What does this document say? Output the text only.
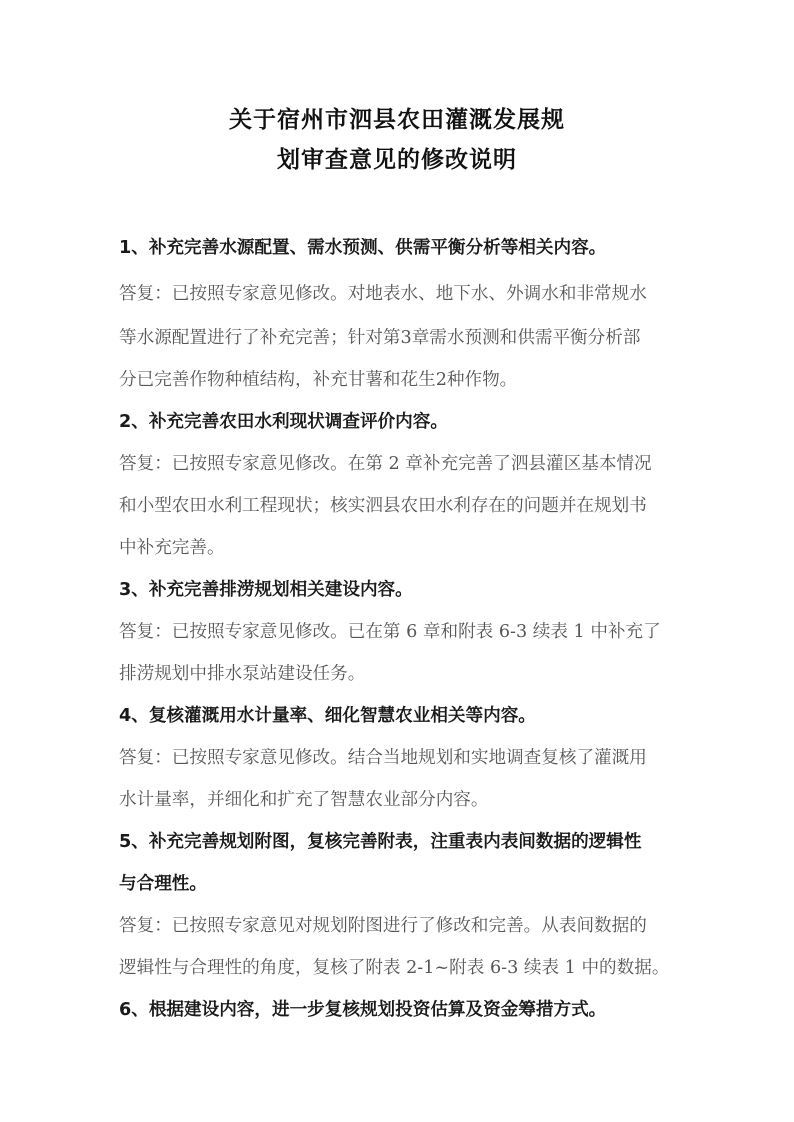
关于宿州市泗县农田灌溉发展规
划审查意见的修改说明
1、补充完善水源配置、需水预测、供需平衡分析等相关内容。
答复：已按照专家意见修改。对地表水、地下水、外调水和非常规水
等水源配置进行了补充完善；针对第3章需水预测和供需平衡分析部
分已完善作物种植结构，补充甘薯和花生2种作物。
2、补充完善农田水利现状调查评价内容。
答复：已按照专家意见修改。在第 2 章补充完善了泗县灌区基本情况
和小型农田水利工程现状；核实泗县农田水利存在的问题并在规划书
中补充完善。
3、补充完善排涝规划相关建设内容。
答复：已按照专家意见修改。已在第 6 章和附表 6-3 续表 1 中补充了
排涝规划中排水泵站建设任务。
4、复核灌溉用水计量率、细化智慧农业相关等内容。
答复：已按照专家意见修改。结合当地规划和实地调查复核了灌溉用
水计量率，并细化和扩充了智慧农业部分内容。
5、补充完善规划附图，复核完善附表，注重表内表间数据的逻辑性
与合理性。
答复：已按照专家意见对规划附图进行了修改和完善。从表间数据的
逻辑性与合理性的角度，复核了附表 2-1~附表 6-3 续表 1 中的数据。
6、根据建设内容，进一步复核规划投资估算及资金筹措方式。
